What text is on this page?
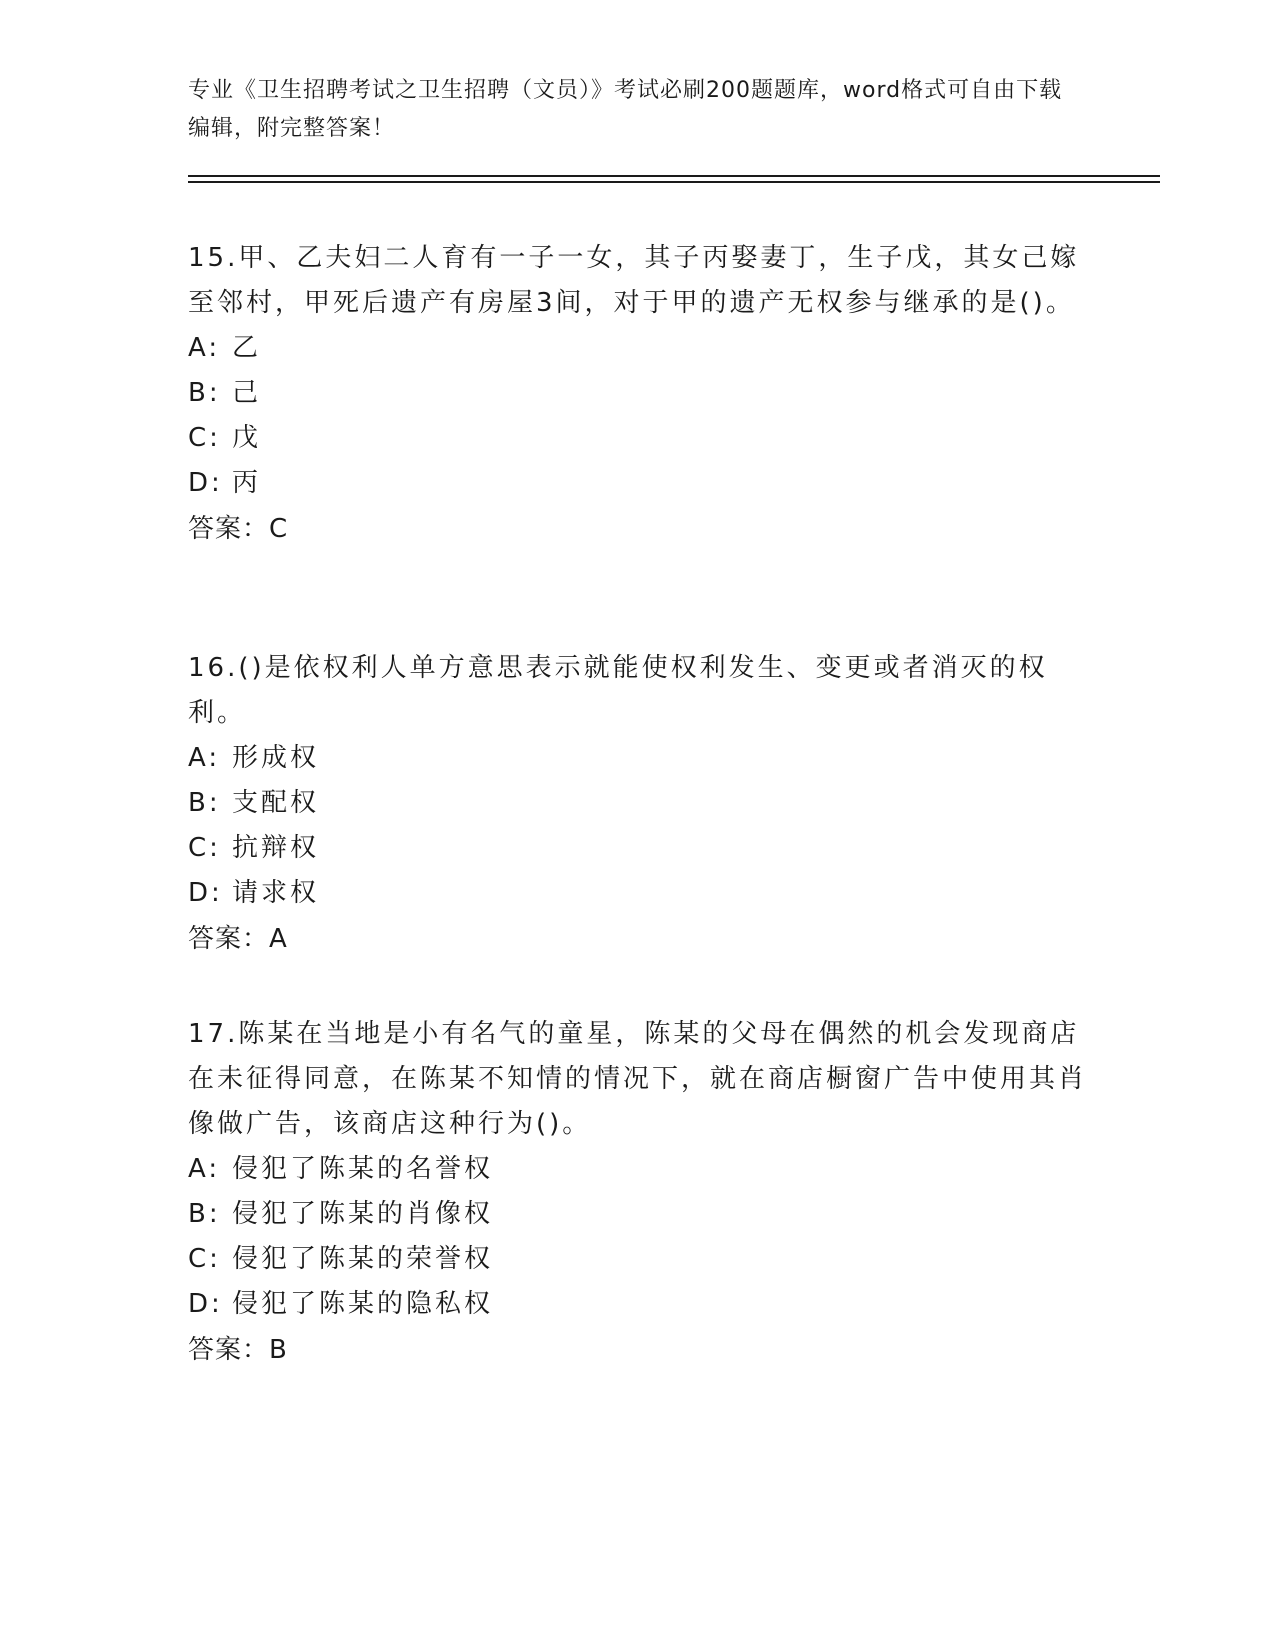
专业《卫生招聘考试之卫生招聘（文员）》考试必刷200题题库，word格式可自由下载编辑，附完整答案！

15.甲、乙夫妇二人育有一子一女，其子丙娶妻丁，生子戊，其女己嫁至邻村，甲死后遗产有房屋3间，对于甲的遗产无权参与继承的是()。

A: 乙

B: 己

C: 戊

D: 丙

答案：C

16.()是依权利人单方意思表示就能使权利发生、变更或者消灭的权利。

A: 形成权

B: 支配权

C: 抗辩权

D: 请求权

答案：A

17.陈某在当地是小有名气的童星，陈某的父母在偶然的机会发现商店在未征得同意，在陈某不知情的情况下，就在商店橱窗广告中使用其肖像做广告，该商店这种行为()。

A: 侵犯了陈某的名誉权

B: 侵犯了陈某的肖像权

C: 侵犯了陈某的荣誉权

D: 侵犯了陈某的隐私权

答案：B
